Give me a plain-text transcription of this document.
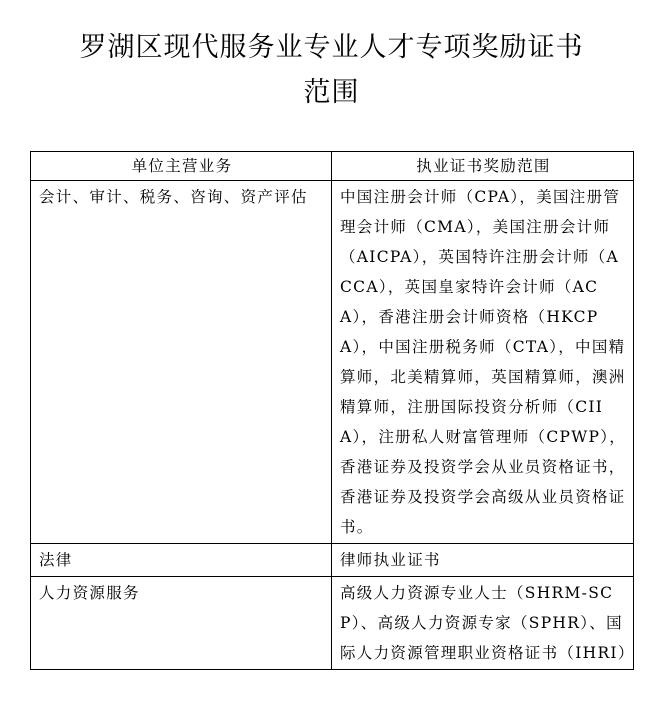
罗湖区现代服务业专业人才专项奖励证书
范围
单位主营业务	执业证书奖励范围
会计、审计、税务、咨询、资产评估	中国注册会计师（CPA），美国注册管理会计师（CMA），美国注册会计师（AICPA），英国特许注册会计师（ACCA），英国皇家特许会计师（ACA），香港注册会计师资格（HKCPA），中国注册税务师（CTA），中国精算师，北美精算师，英国精算师，澳洲精算师，注册国际投资分析师（CIIA），注册私人财富管理师（CPWP），香港证券及投资学会从业员资格证书，香港证券及投资学会高级从业员资格证书。
法律	律师执业证书
人力资源服务	高级人力资源专业人士（SHRM-SCP）、高级人力资源专家（SPHR）、国际人力资源管理职业资格证书（IHRI）
